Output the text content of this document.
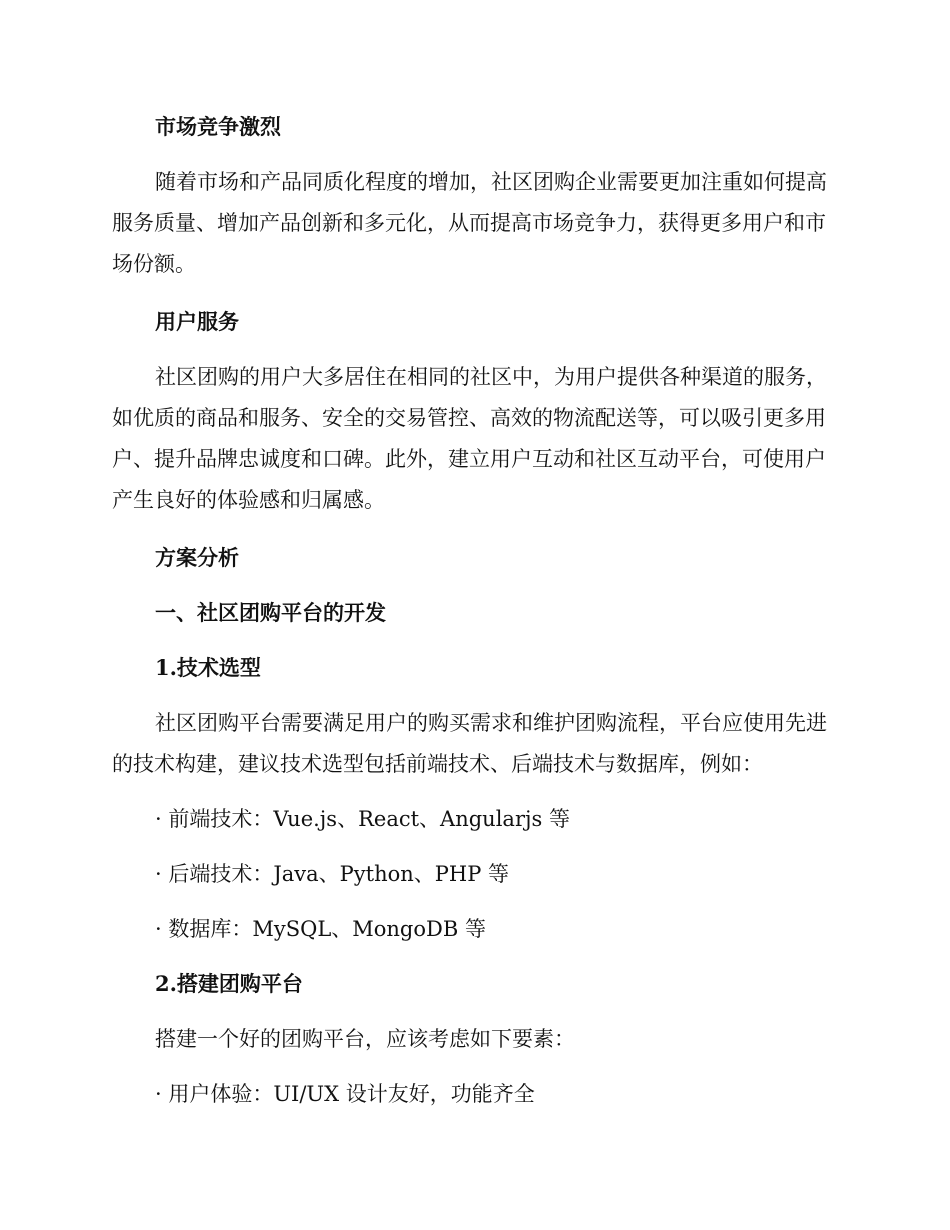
市场竞争激烈

随着市场和产品同质化程度的增加，社区团购企业需要更加注重如何提高服务质量、增加产品创新和多元化，从而提高市场竞争力，获得更多用户和市场份额。

用户服务

社区团购的用户大多居住在相同的社区中，为用户提供各种渠道的服务，如优质的商品和服务、安全的交易管控、高效的物流配送等，可以吸引更多用户、提升品牌忠诚度和口碑。此外，建立用户互动和社区互动平台，可使用户产生良好的体验感和归属感。

方案分析

一、社区团购平台的开发

1.技术选型

社区团购平台需要满足用户的购买需求和维护团购流程，平台应使用先进的技术构建，建议技术选型包括前端技术、后端技术与数据库，例如：

· 前端技术：Vue.js、React、Angularjs 等

· 后端技术：Java、Python、PHP 等

· 数据库：MySQL、MongoDB 等

2.搭建团购平台

搭建一个好的团购平台，应该考虑如下要素：

· 用户体验：UI/UX 设计友好，功能齐全
